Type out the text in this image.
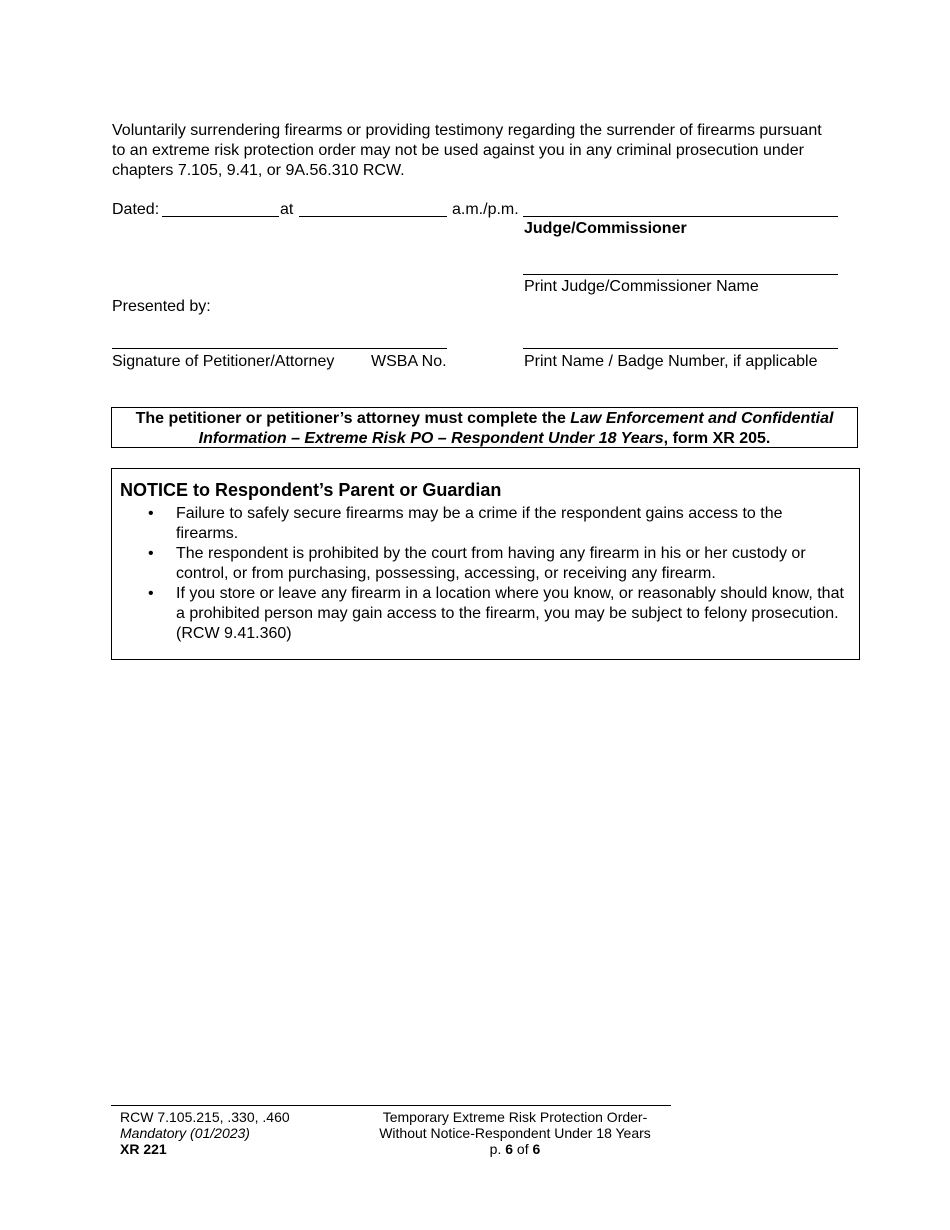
Voluntarily surrendering firearms or providing testimony regarding the surrender of firearms pursuant to an extreme risk protection order may not be used against you in any criminal prosecution under chapters 7.105, 9.41, or 9A.56.310 RCW.
Dated:	at	a.m./p.m.
Judge/Commissioner
Print Judge/Commissioner Name
Presented by:
Signature of Petitioner/Attorney WSBA No.	Print Name / Badge Number, if applicable
The petitioner or petitioner’s attorney must complete the Law Enforcement and Confidential Information – Extreme Risk PO – Respondent Under 18 Years, form XR 205.
NOTICE to Respondent’s Parent or Guardian
• Failure to safely secure firearms may be a crime if the respondent gains access to the firearms.
• The respondent is prohibited by the court from having any firearm in his or her custody or control, or from purchasing, possessing, accessing, or receiving any firearm.
• If you store or leave any firearm in a location where you know, or reasonably should know, that a prohibited person may gain access to the firearm, you may be subject to felony prosecution. (RCW 9.41.360)
RCW 7.105.215, .330, .460
Mandatory (01/2023)
XR 221
Temporary Extreme Risk Protection Order-
Without Notice-Respondent Under 18 Years
p. 6 of 6
